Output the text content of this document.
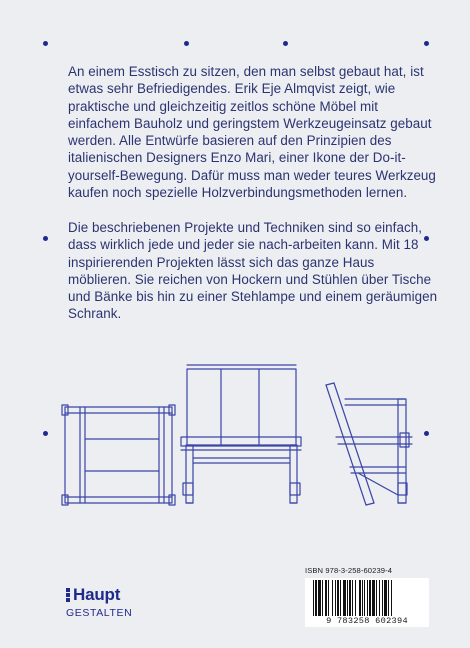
An einem Esstisch zu sitzen, den man selbst gebaut hat, ist etwas sehr Befriedigendes. Erik Eje Almqvist zeigt, wie praktische und gleichzeitig zeitlos schöne Möbel mit einfachem Bauholz und geringstem Werkzeugeinsatz gebaut werden. Alle Entwürfe basieren auf den Prinzipien des italienischen Designers Enzo Mari, einer Ikone der Do-it-yourself-Bewegung. Dafür muss man weder teures Werkzeug kaufen noch spezielle Holzverbindungsmethoden lernen.
Die beschriebenen Projekte und Techniken sind so einfach, dass wirklich jede und jeder sie nach-arbeiten kann. Mit 18 inspirierenden Projekten lässt sich das ganze Haus möblieren. Sie reichen von Hockern und Stühlen über Tische und Bänke bis hin zu einer Stehlampe und einem geräumigen Schrank.
Haupt
GESTALTEN
ISBN 978-3-258-60239-4
9 783258 602394
